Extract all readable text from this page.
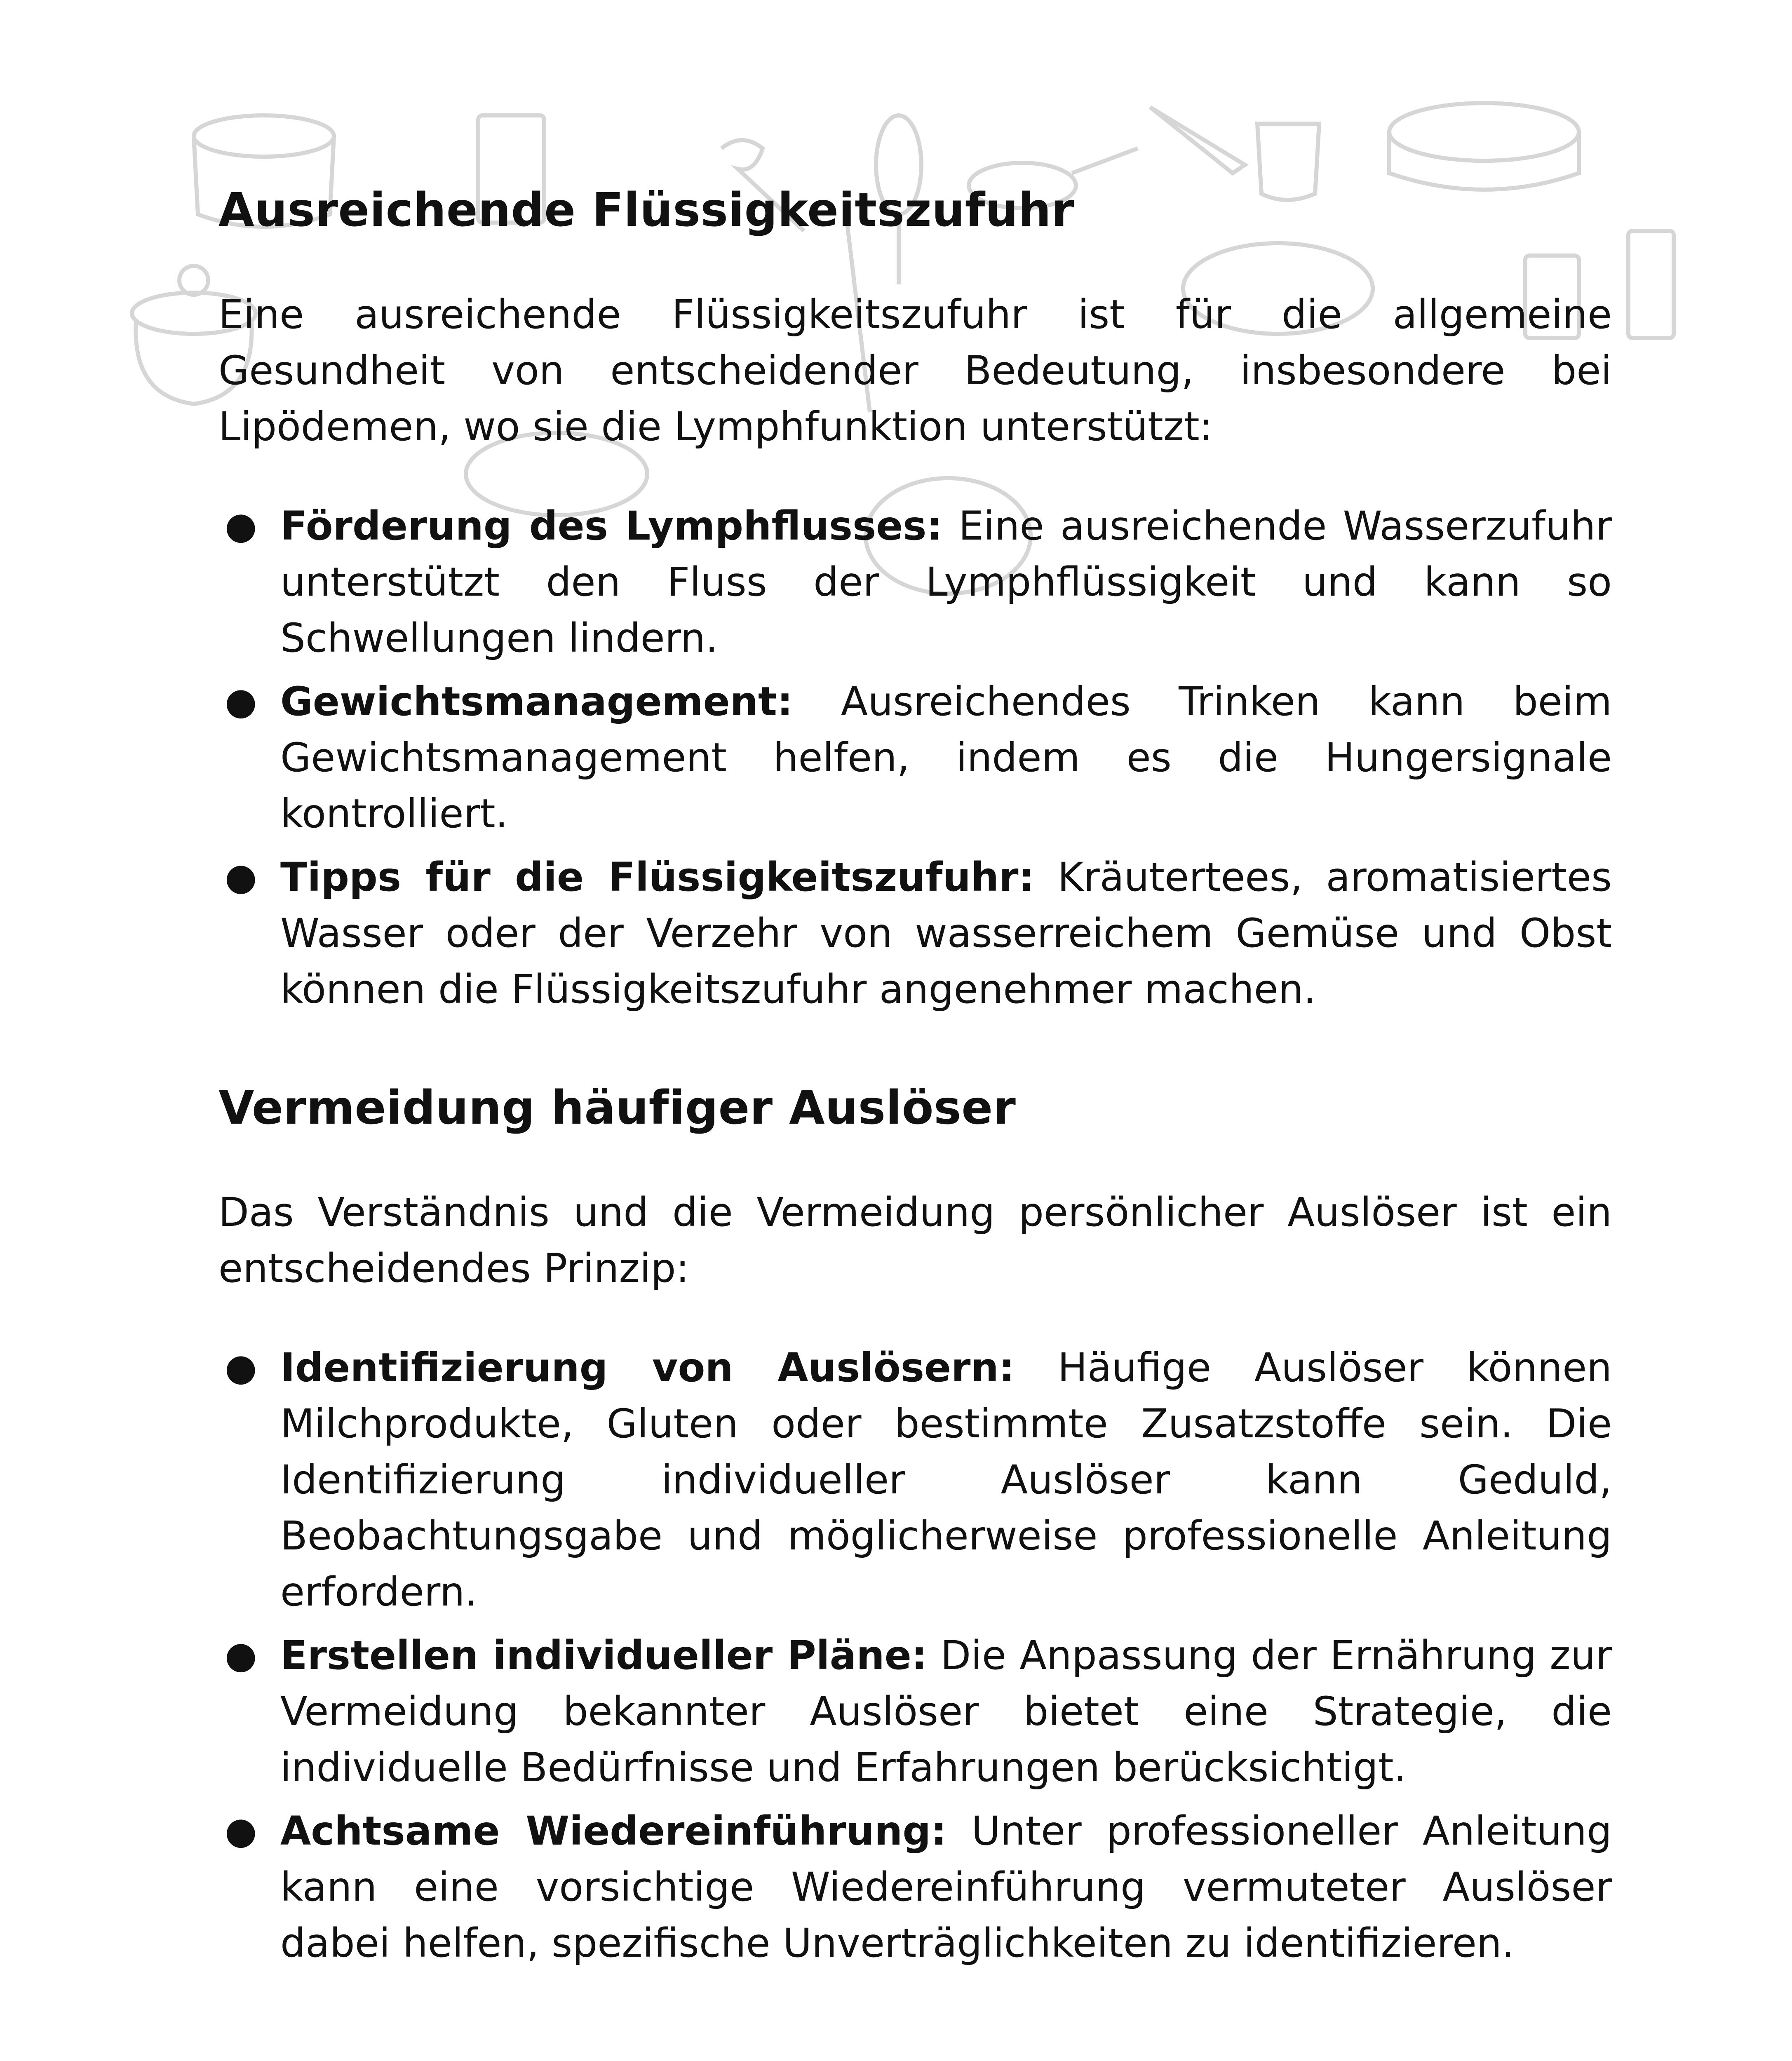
Ausreichende Flüssigkeitszufuhr

Eine ausreichende Flüssigkeitszufuhr ist für die allgemeine Gesundheit von entscheidender Bedeutung, insbesondere bei Lipödemen, wo sie die Lymphfunktion unterstützt:

● Förderung des Lymphflusses: Eine ausreichende Wasserzufuhr unterstützt den Fluss der Lymphflüssigkeit und kann so Schwellungen lindern.
● Gewichtsmanagement: Ausreichendes Trinken kann beim Gewichtsmanagement helfen, indem es die Hungersignale kontrolliert.
● Tipps für die Flüssigkeitszufuhr: Kräutertees, aromatisiertes Wasser oder der Verzehr von wasserreichem Gemüse und Obst können die Flüssigkeitszufuhr angenehmer machen.
Vermeidung häufiger Auslöser

Das Verständnis und die Vermeidung persönlicher Auslöser ist ein entscheidendes Prinzip:

● Identifizierung von Auslösern: Häufige Auslöser können Milchprodukte, Gluten oder bestimmte Zusatzstoffe sein. Die Identifizierung individueller Auslöser kann Geduld, Beobachtungsgabe und möglicherweise professionelle Anleitung erfordern.
● Erstellen individueller Pläne: Die Anpassung der Ernährung zur Vermeidung bekannter Auslöser bietet eine Strategie, die individuelle Bedürfnisse und Erfahrungen berücksichtigt.
● Achtsame Wiedereinführung: Unter professioneller Anleitung kann eine vorsichtige Wiedereinführung vermuteter Auslöser dabei helfen, spezifische Unverträglichkeiten zu identifizieren.
